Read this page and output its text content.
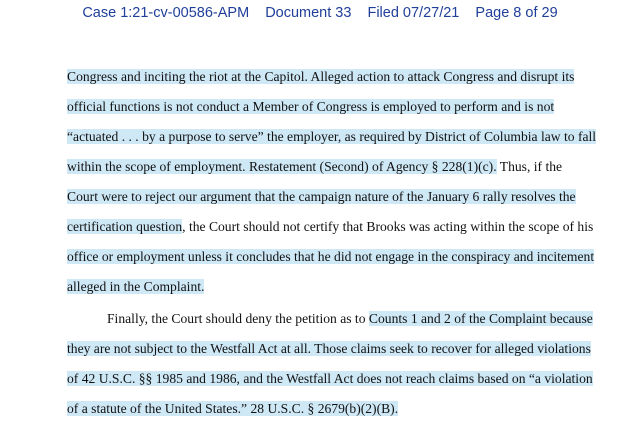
Case 1:21-cv-00586-APM Document 33 Filed 07/27/21 Page 8 of 29
Congress and inciting the riot at the Capitol. Alleged action to attack Congress and disrupt its
official functions is not conduct a Member of Congress is employed to perform and is not
“actuated . . . by a purpose to serve” the employer, as required by District of Columbia law to fall
within the scope of employment. Restatement (Second) of Agency § 228(1)(c). Thus, if the
Court were to reject our argument that the campaign nature of the January 6 rally resolves the
certification question, the Court should not certify that Brooks was acting within the scope of his
office or employment unless it concludes that he did not engage in the conspiracy and incitement
alleged in the Complaint.
Finally, the Court should deny the petition as to Counts 1 and 2 of the Complaint because
they are not subject to the Westfall Act at all. Those claims seek to recover for alleged violations
of 42 U.S.C. §§ 1985 and 1986, and the Westfall Act does not reach claims based on “a violation
of a statute of the United States.” 28 U.S.C. § 2679(b)(2)(B).
